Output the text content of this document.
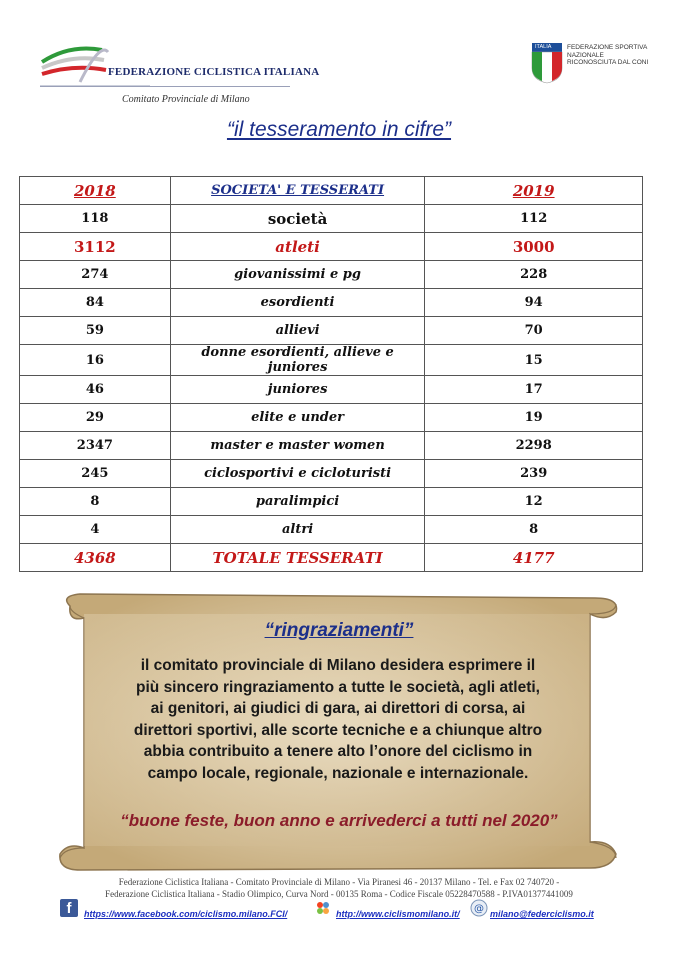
FEDERAZIONE CICLISTICA ITALIANA
Comitato Provinciale di Milano
ITALIA FEDERAZIONE SPORTIVA NAZIONALE RICONOSCIUTA DAL CONI
“il tesseramento in cifre”
2018	SOCIETA' E TESSERATI	2019
118	società	112
3112	atleti	3000
274	giovanissimi e pg	228
84	esordienti	94
59	allievi	70
16	donne esordienti, allieve e juniores	15
46	juniores	17
29	elite e under	19
2347	master e master women	2298
245	ciclosportivi e cicloturisti	239
8	paralimpici	12
4	altri	8
4368	TOTALE TESSERATI	4177
“ringraziamenti”
il comitato provinciale di Milano desidera esprimere il
più sincero ringraziamento a tutte le società, agli atleti,
ai genitori, ai giudici di gara, ai direttori di corsa, ai
direttori sportivi, alle scorte tecniche e a chiunque altro
abbia contribuito a tenere alto l’onore del ciclismo in
campo locale, regionale, nazionale e internazionale.
“buone feste, buon anno e arrivederci a tutti nel 2020”
Federazione Ciclistica Italiana - Comitato Provinciale di Milano - Via Piranesi 46 - 20137 Milano - Tel. e Fax 02 740720 -
Federazione Ciclistica Italiana - Stadio Olimpico, Curva Nord - 00135 Roma - Codice Fiscale 05228470588 - P.IVA01377441009
f	https://www.facebook.com/ciclismo.milano.FCI/	http://www.ciclismomilano.it/ @ milano@federciclismo.it
